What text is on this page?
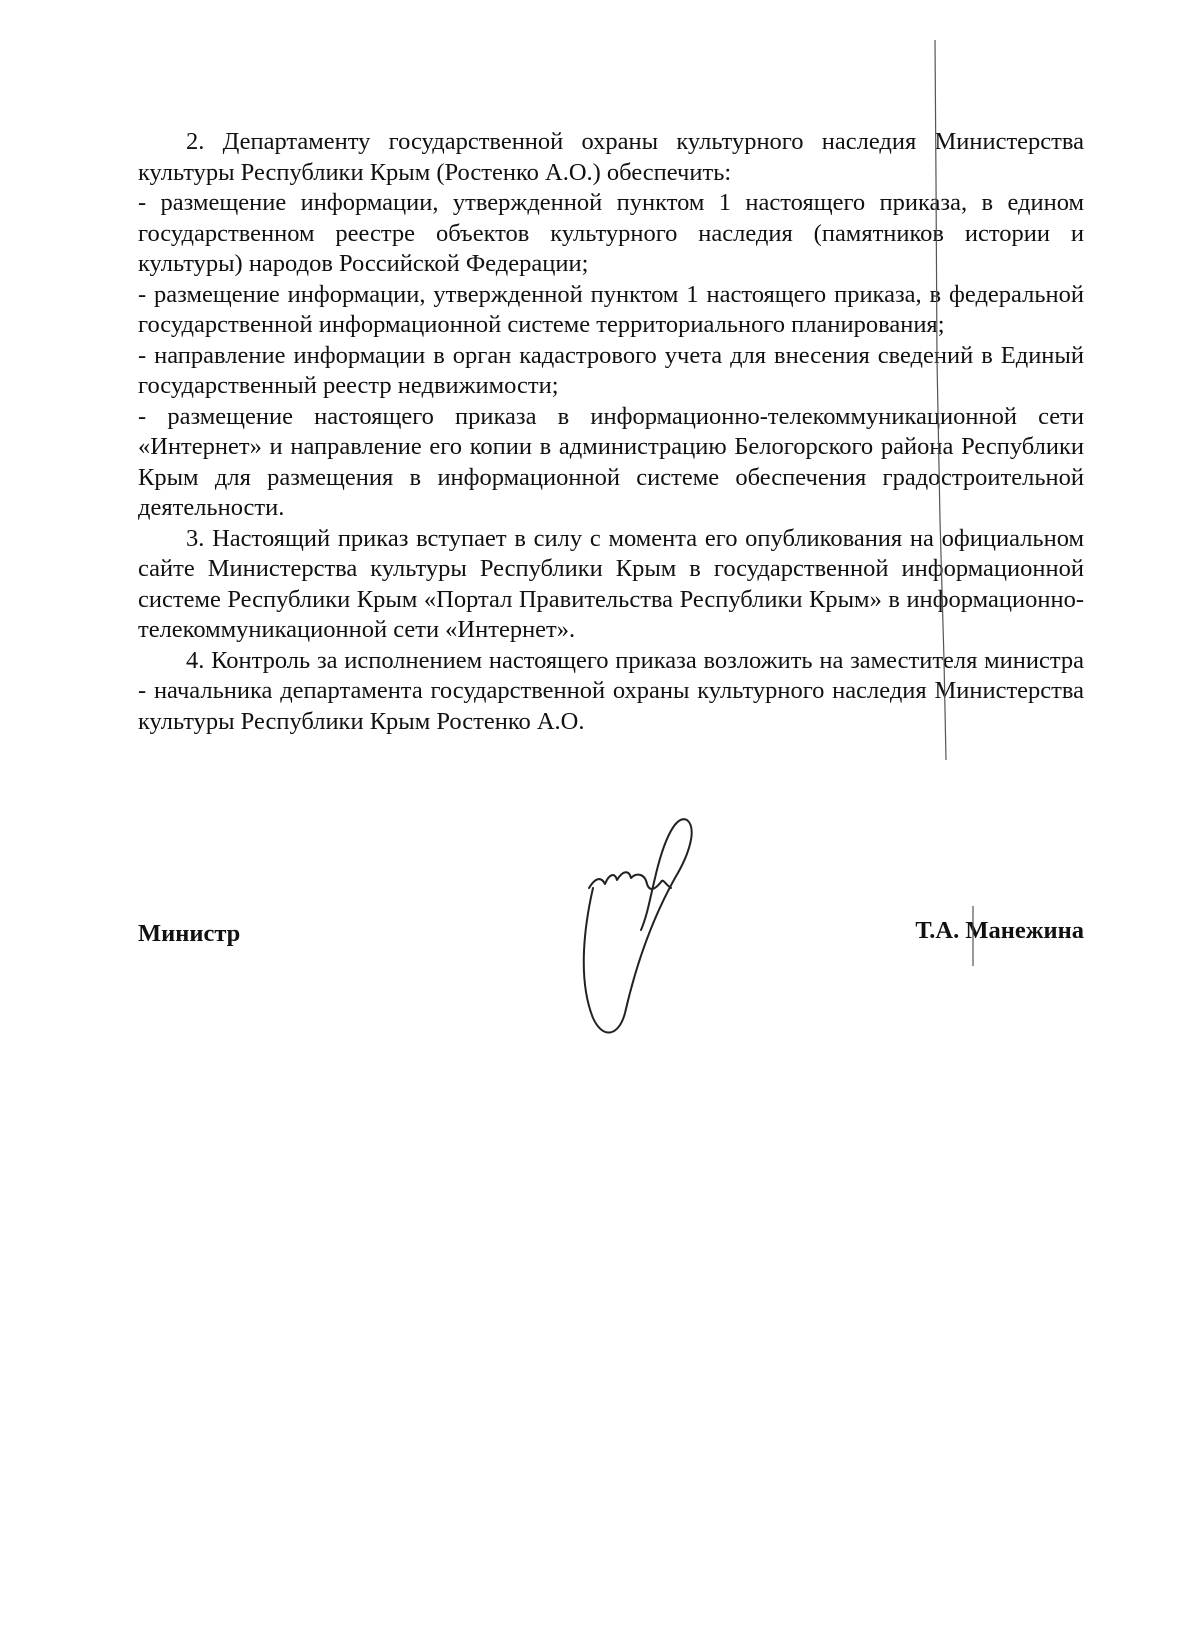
2. Департаменту государственной охраны культурного наследия Министерства культуры Республики Крым (Ростенко А.О.) обеспечить:

- размещение информации, утвержденной пунктом 1 настоящего приказа, в едином государственном реестре объектов культурного наследия (памятников истории и культуры) народов Российской Федерации;

- размещение информации, утвержденной пунктом 1 настоящего приказа, в федеральной государственной информационной системе территориального планирования;

- направление информации в орган кадастрового учета для внесения сведений в Единый государственный реестр недвижимости;

- размещение настоящего приказа в информационно-телекоммуникационной сети «Интернет» и направление его копии в администрацию Белогорского района Республики Крым для размещения в информационной системе обеспечения градостроительной деятельности.

3. Настоящий приказ вступает в силу с момента его опубликования на официальном сайте Министерства культуры Республики Крым в государственной информационной системе Республики Крым «Портал Правительства Республики Крым» в информационно-телекоммуникационной сети «Интернет».

4. Контроль за исполнением настоящего приказа возложить на заместителя министра - начальника департамента государственной охраны культурного наследия Министерства культуры Республики Крым Ростенко А.О.

Министр	Т.А. Манежина
